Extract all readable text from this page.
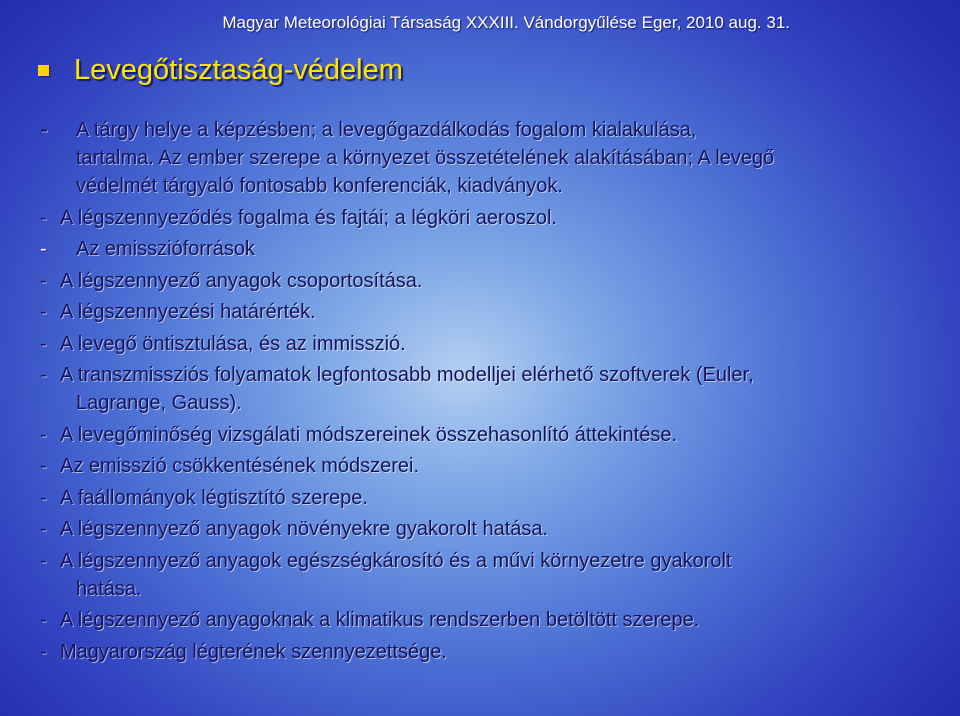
Magyar Meteorológiai Társaság XXXIII. Vándorgyűlése Eger, 2010 aug. 31.
Levegőtisztaság-védelem
-	A tárgy helye a képzésben; a levegőgazdálkodás fogalom kialakulása,
tartalma. Az ember szerepe a környezet összetételének alakításában; A levegő
védelmét tárgyaló fontosabb konferenciák, kiadványok.
- A légszennyeződés fogalma és fajtái; a légköri aeroszol.
-	Az emisszióforrások
- A légszennyező anyagok csoportosítása.
- A légszennyezési határérték.
- A levegő öntisztulása, és az immisszió.
- A transzmissziós folyamatok legfontosabb modelljei elérhető szoftverek (Euler,
Lagrange, Gauss).
- A levegőminőség vizsgálati módszereinek összehasonlító áttekintése.
- Az emisszió csökkentésének módszerei.
- A faállományok légtisztító szerepe.
- A légszennyező anyagok növényekre gyakorolt hatása.
- A légszennyező anyagok egészségkárosító és a művi környezetre gyakorolt
hatása.
- A légszennyező anyagoknak a klimatikus rendszerben betöltött szerepe.
- Magyarország légterének szennyezettsége.
